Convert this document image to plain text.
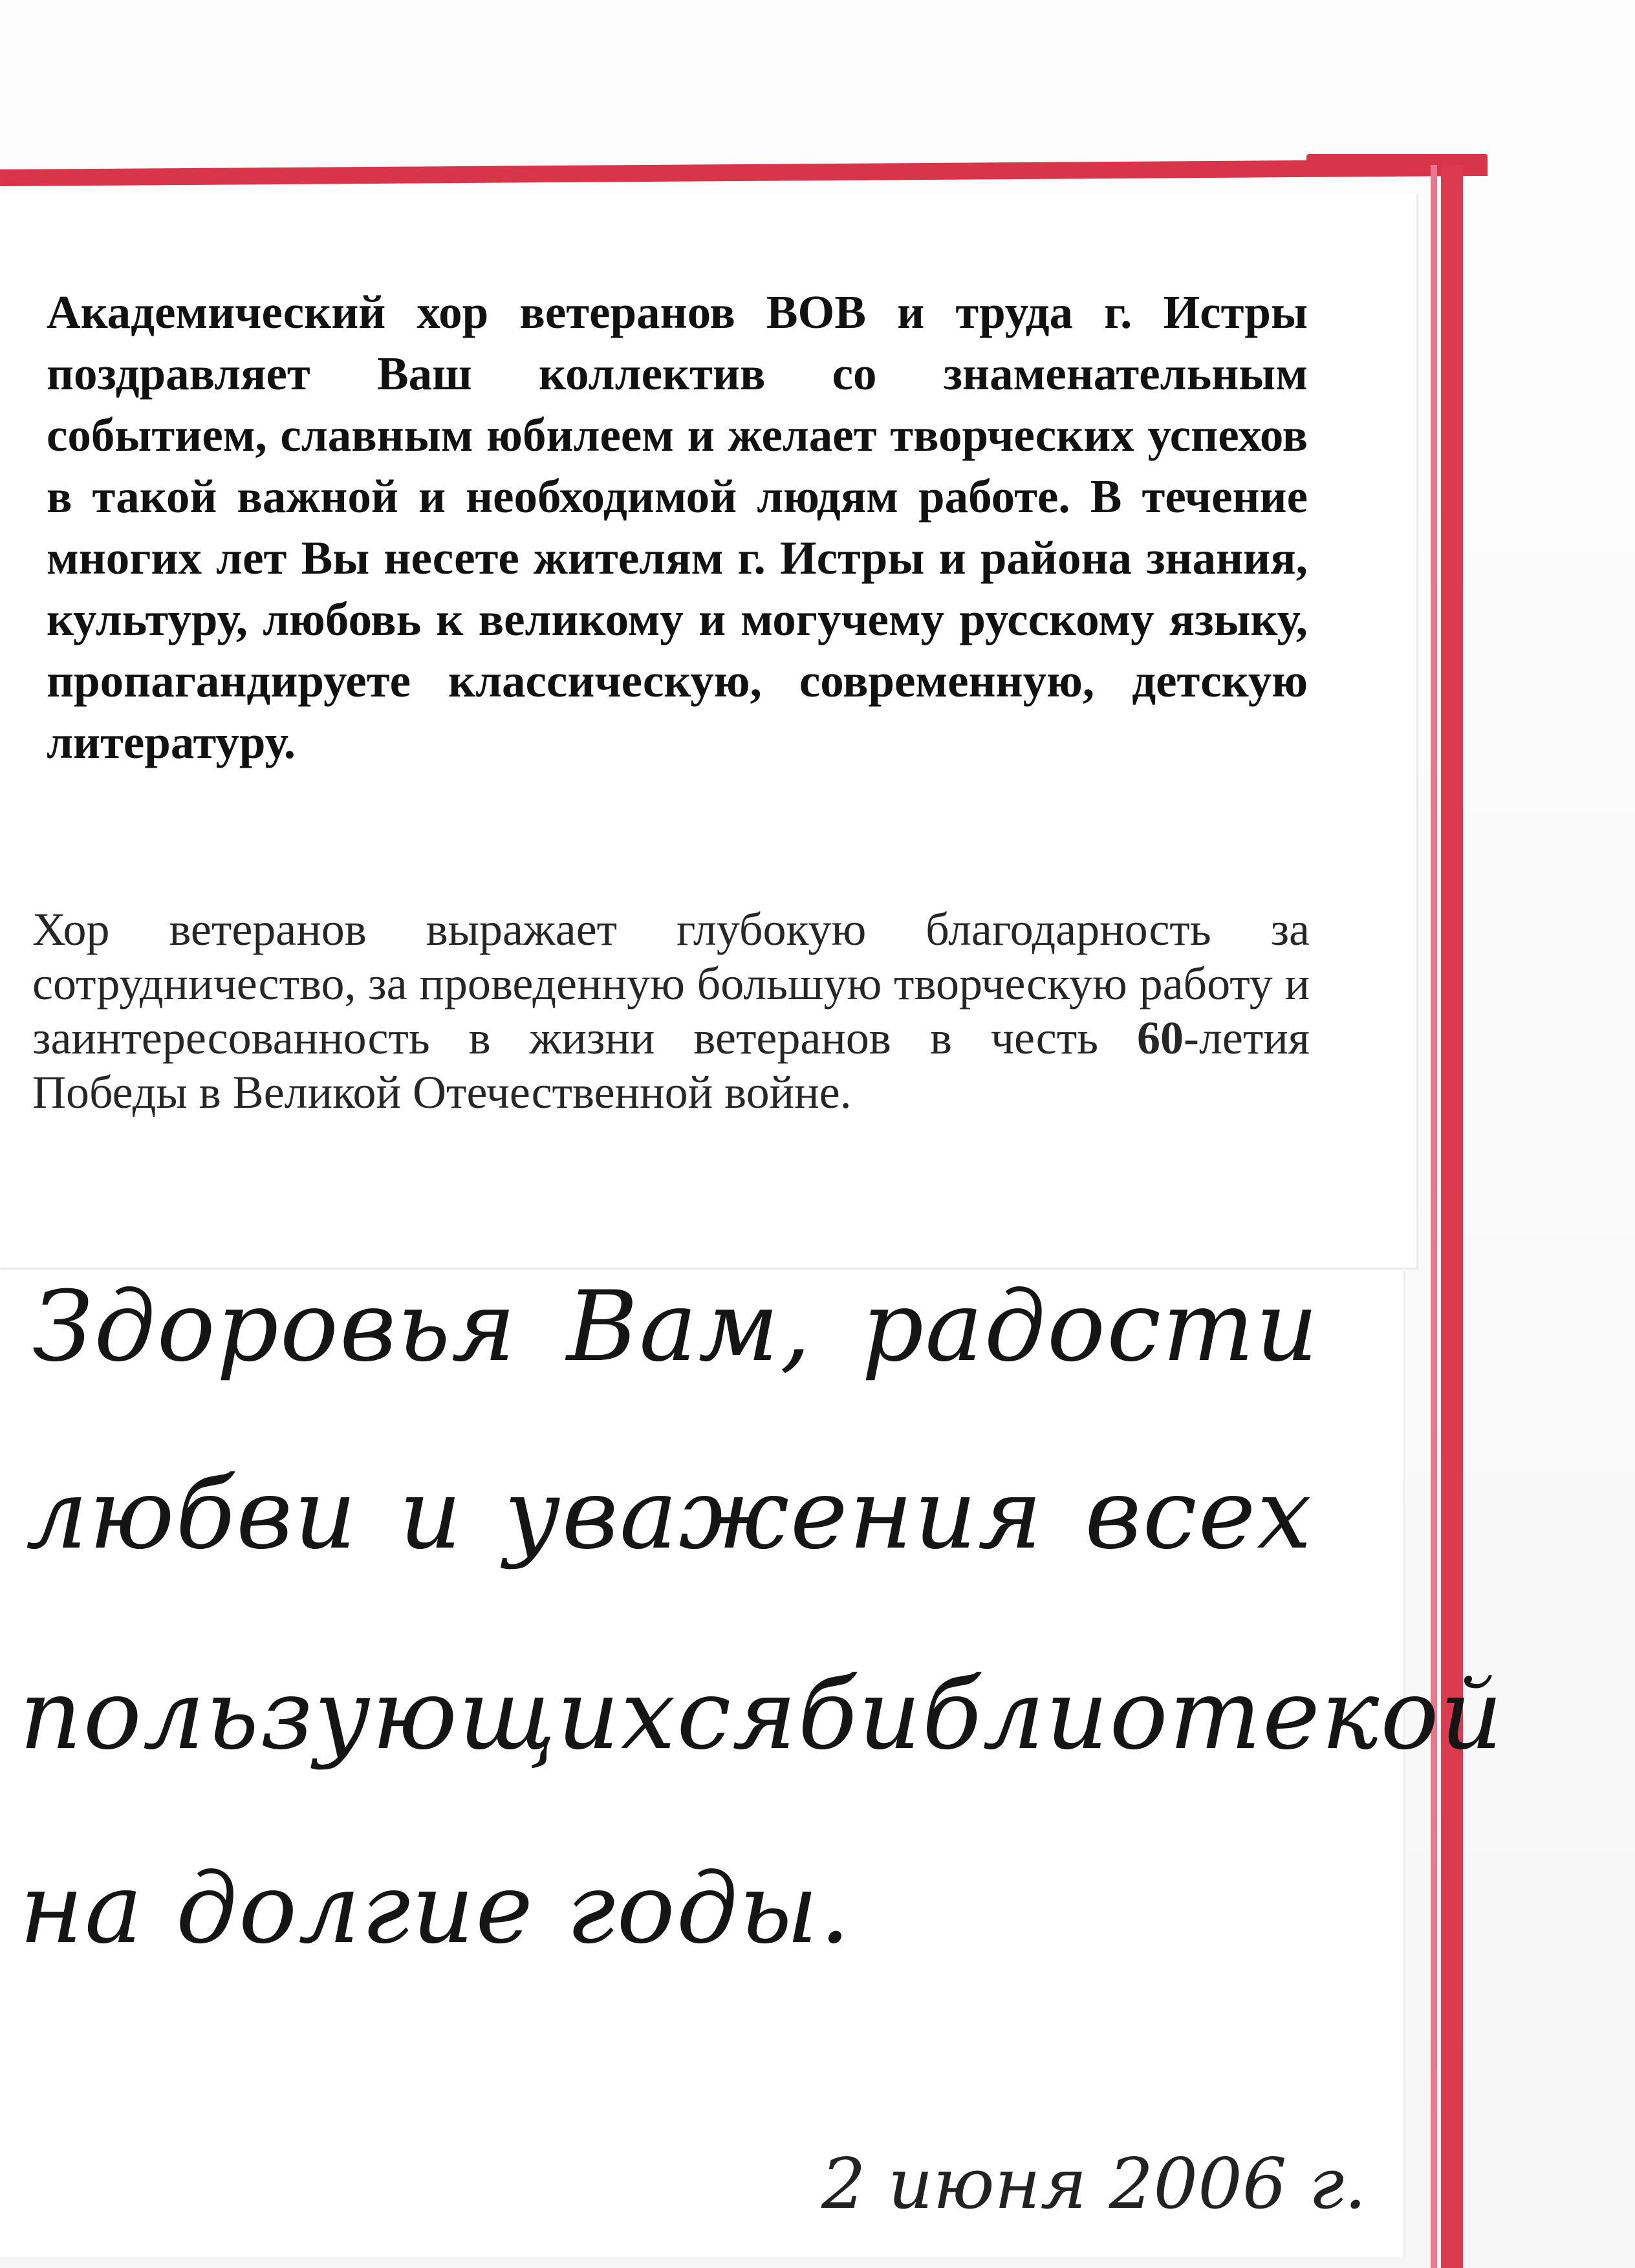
Академический хор ветеранов ВОВ и труда г. Истры поздравляет Ваш коллектив со знаменательным событием, славным юбилеем и желает творческих успехов в такой важной и необходимой людям работе. В течение многих лет Вы несете жителям г. Истры и района знания, культуру, любовь к великому и могучему русскому языку, пропагандируете классическую, современную, детскую литературу.
Хор ветеранов выражает глубокую благодарность за сотрудничество, за проведенную большую творческую работу и заинтересованность в жизни ветеранов в честь 60-летия Победы в Великой Отечественной войне.
Здоровья Вам, радости
любви и уважения всех
пользующихся библиотекой
на долгие годы.
2 июня 2006 г.
